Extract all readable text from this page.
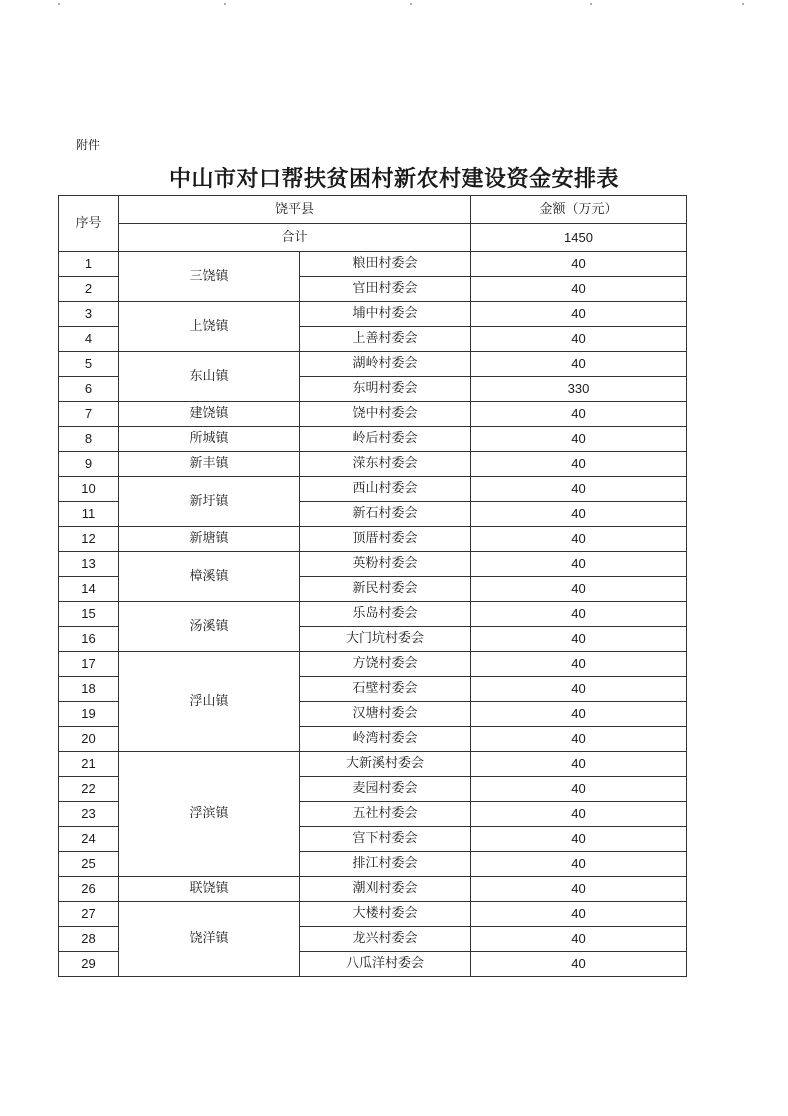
附件
中山市对口帮扶贫困村新农村建设资金安排表
序号	饶平县		金额（万元）
	合计		1450
1	三饶镇	粮田村委会	40
2		官田村委会	40
3	上饶镇	埔中村委会	40
4		上善村委会	40
5	东山镇	湖岭村委会	40
6		东明村委会	330
7	建饶镇	饶中村委会	40
8	所城镇	岭后村委会	40
9	新丰镇	溁东村委会	40
10	新圩镇	西山村委会	40
11		新石村委会	40
12	新塘镇	顶厝村委会	40
13	樟溪镇	英粉村委会	40
14		新民村委会	40
15	汤溪镇	乐岛村委会	40
16		大门坑村委会	40
17	浮山镇	方饶村委会	40
18		石壁村委会	40
19		汉塘村委会	40
20		岭湾村委会	40
21	浮滨镇	大新溪村委会	40
22		麦园村委会	40
23		五社村委会	40
24		宫下村委会	40
25		排江村委会	40
26	联饶镇	潮刈村委会	40
27	饶洋镇	大楼村委会	40
28		龙兴村委会	40
29		八瓜洋村委会	40
